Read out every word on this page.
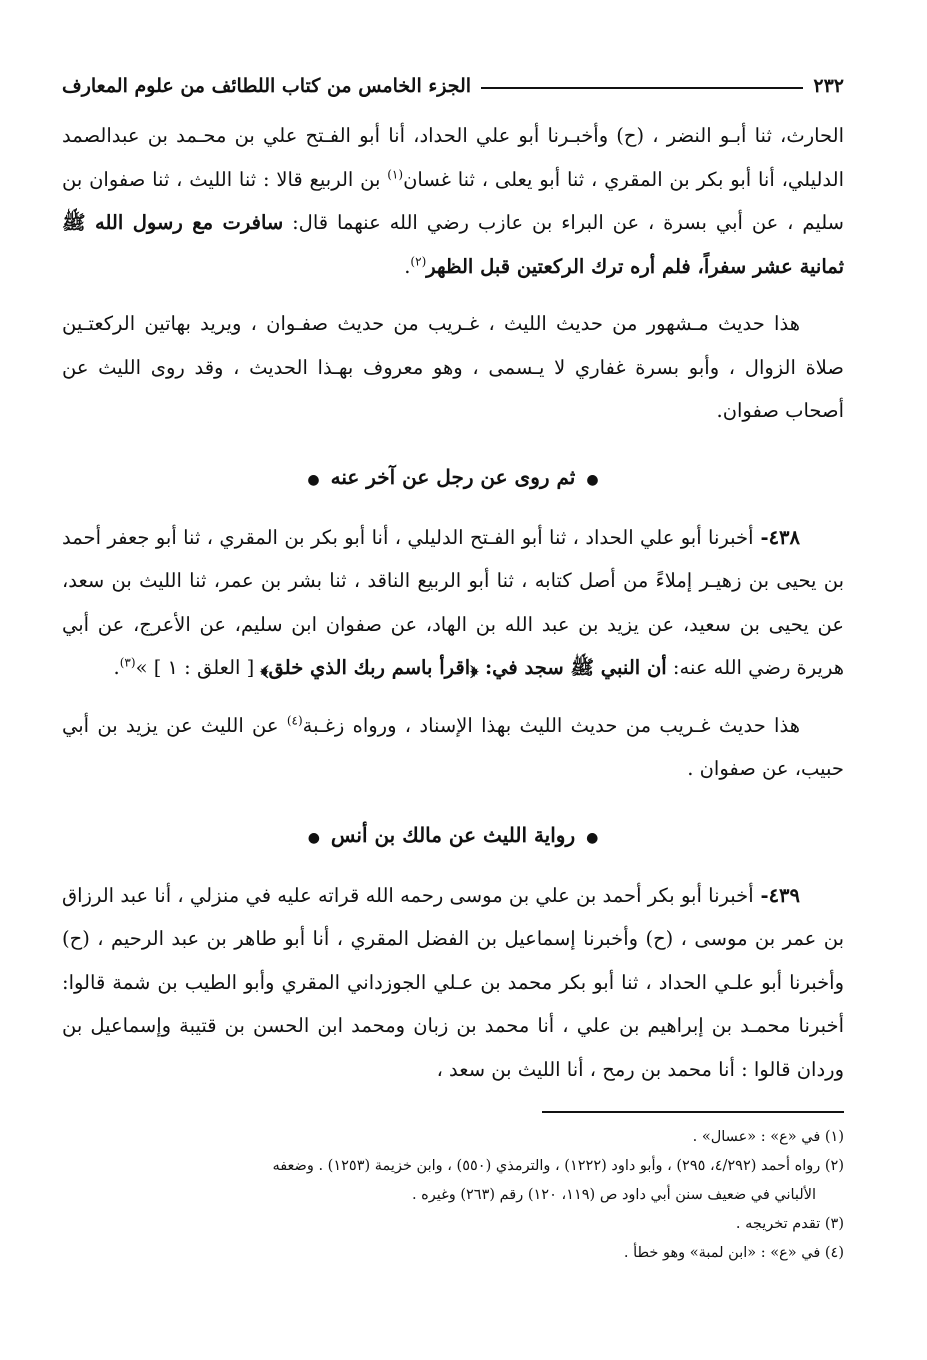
٢٣٢
الجزء الخامس من كتاب اللطائف من علوم المعارف

الحارث، ثنا أبـو النضر ، (ح) وأخبـرنا أبو علي الحداد، أنا أبو الفـتح علي بن محـمد بن عبدالصمد الدليلي، أنا أبو بكر بن المقري ، ثنا أبو يعلى ، ثنا غسان$^{(١)}$ بن الربيع قالا : ثنا الليث ، ثنا صفوان بن سليم ، عن أبي بسرة ، عن البراء بن عازب رضي الله عنهما قال: سافرت مع رسول الله ﷺ ثمانية عشر سفراً، فلم أره ترك الركعتين قبل الظهر$^{(٢)}$.

هذا حديث مـشهور من حديث الليث ، غـريب من حديث صفـوان ، ويريد بهاتين الركعتـين صلاة الزوال ، وأبو بسرة غفاري لا يـسمى ، وهو معروف بهـذا الحديث ، وقد روى الليث عن أصحاب صفوان.

● ثم روى عن رجل عن آخر عنه ●

٤٣٨- أخبرنا أبو علي الحداد ، ثنا أبو الفـتح الدليلي ، أنا أبو بكر بن المقري ، ثنا أبو جعفر أحمد بن يحيى بن زهيـر إملاءً من أصل كتابه ، ثنا أبو الربيع الناقد ، ثنا بشر بن عمر، ثنا الليث بن سعد، عن يحيى بن سعيد، عن يزيد بن عبد الله بن الهاد، عن صفوان ابن سليم، عن الأعرج، عن أبي هريرة رضي الله عنه: أن النبي ﷺ سجد في: ﴿اقرأ باسم ربك الذي خلق﴾ [ العلق : ١ ] »$^{(٣)}$.

هذا حديث غـريب من حديث الليث بهذا الإسناد ، ورواه زغـبة$^{(٤)}$ عن الليث عن يزيد بن أبي حبيب، عن صفوان .

● رواية الليث عن مالك بن أنس ●

٤٣٩- أخبرنا أبو بكر أحمد بن علي بن موسى رحمه الله قراته عليه في منزلي ، أنا عبد الرزاق بن عمر بن موسى ، (ح) وأخبرنا إسماعيل بن الفضل المقري ، أنا أبو طاهر بن عبد الرحيم ، (ح) وأخبرنا أبو علـي الحداد ، ثنا أبو بكر محمد بن عـلي الجوزداني المقري وأبو الطيب بن شمة قالوا: أخبرنا محمـد بن إبراهيم بن علي ، أنا محمد بن زبان ومحمد ابن الحسن بن قتيبة وإسماعيل بن وردان قالوا : أنا محمد بن رمح ، أنا الليث بن سعد ،

(١) في «ع» : «عسال» .

(٢) رواه أحمد (٤/٢٩٢، ٢٩٥) ، وأبو داود (١٢٢٢) ، والترمذي (٥٥٠) ، وابن خزيمة (١٢٥٣) . وضعفه

الألباني في ضعيف سنن أبي داود ص (١١٩، ١٢٠) رقم (٢٦٣) وغيره .

(٣) تقدم تخريجه .

(٤) في «ع» : «ابن لمبة» وهو خطأ .
